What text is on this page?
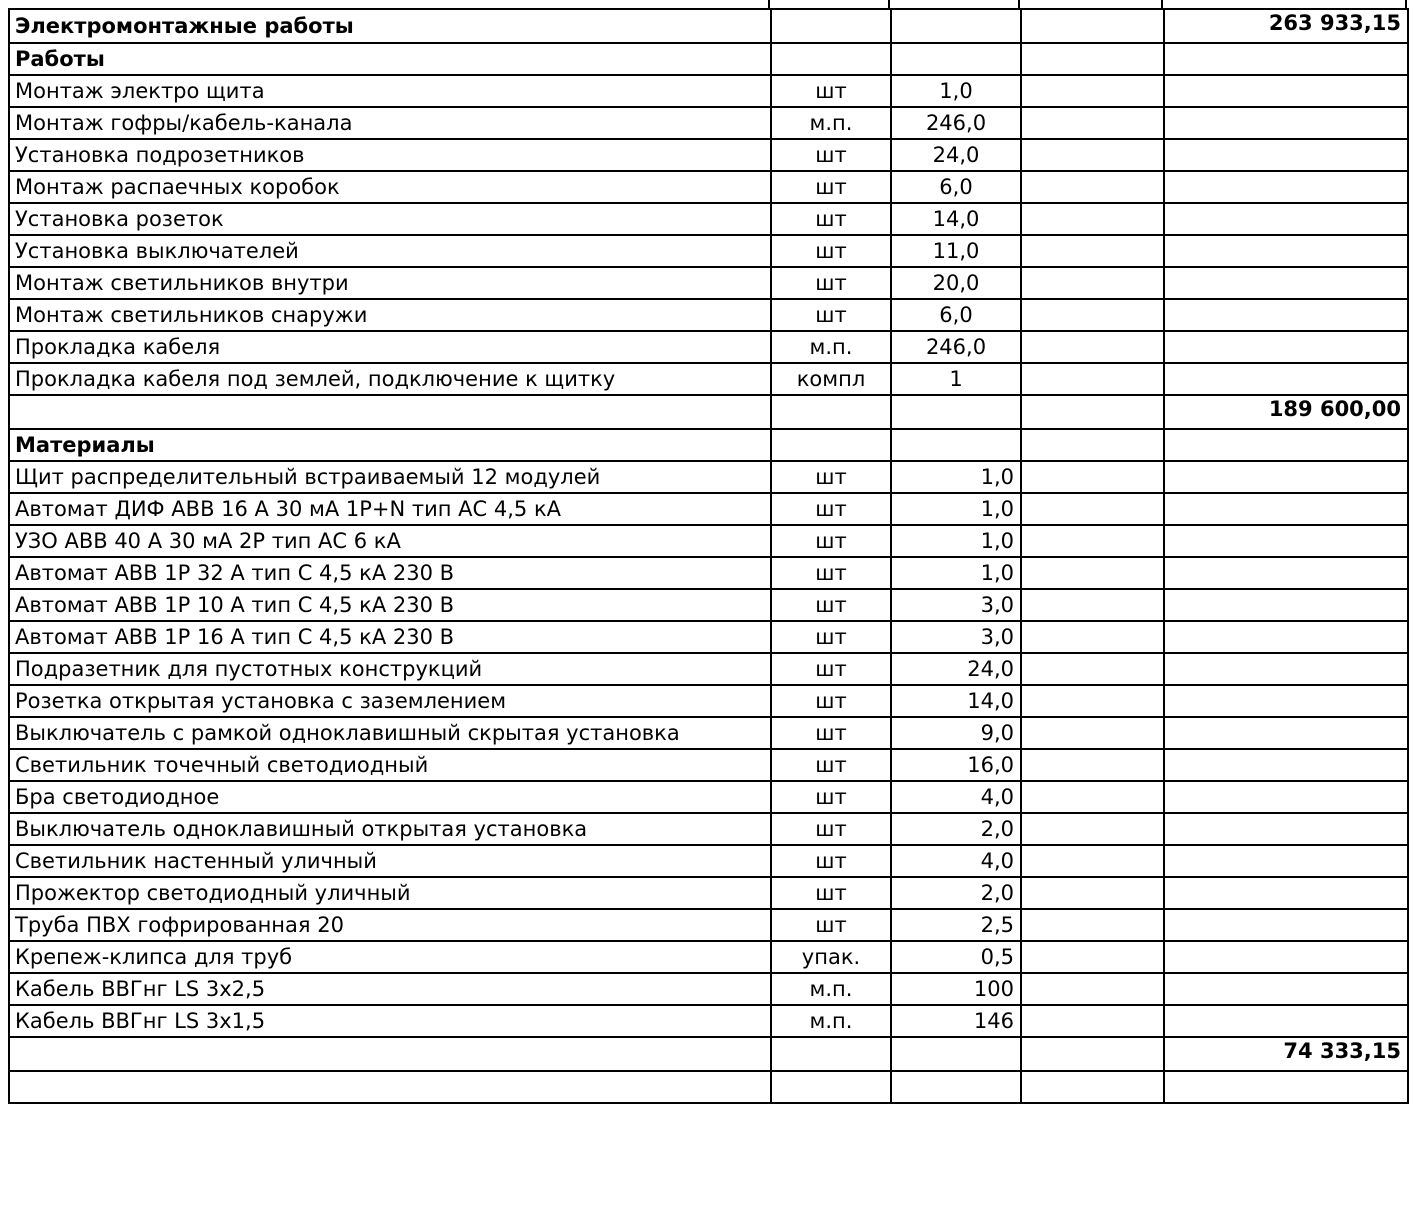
Электромонтажные работы				263 933,15
Работы				
Монтаж электро щита	шт	1,0		
Монтаж гофры/кабель-канала	м.п.	246,0		
Установка подрозетников	шт	24,0		
Монтаж распаечных коробок	шт	6,0		
Установка розеток	шт	14,0		
Установка выключателей	шт	11,0		
Монтаж светильников внутри	шт	20,0		
Монтаж светильников снаружи	шт	6,0		
Прокладка кабеля	м.п.	246,0		
Прокладка кабеля под землей, подключение к щитку	компл	1		
				189 600,00
Материалы				
Щит распределительный встраиваемый 12 модулей	шт	1,0		
Автомат ДИФ ABB 16 А 30 мА 1P+N тип АС 4,5 кА	шт	1,0		
УЗО ABB 40 А 30 мА 2P тип АС 6 кА	шт	1,0		
Автомат ABB 1P 32 А тип C 4,5 кА 230 В	шт	1,0		
Автомат ABB 1P 10 А тип C 4,5 кА 230 В	шт	3,0		
Автомат ABB 1P 16 А тип C 4,5 кА 230 В	шт	3,0		
Подразетник для пустотных конструкций	шт	24,0		
Розетка открытая установка с заземлением	шт	14,0		
Выключатель с рамкой одноклавишный скрытая установка	шт	9,0		
Светильник точечный светодиодный	шт	16,0		
Бра светодиодное	шт	4,0		
Выключатель одноклавишный открытая установка	шт	2,0		
Светильник настенный уличный	шт	4,0		
Прожектор светодиодный уличный	шт	2,0		
Труба ПВХ гофрированная 20	шт	2,5		
Крепеж-клипса для труб	упак.	0,5		
Кабель ВВГнг LS 3х2,5	м.п.	100		
Кабель ВВГнг LS 3х1,5	м.п.	146		
				74 333,15
